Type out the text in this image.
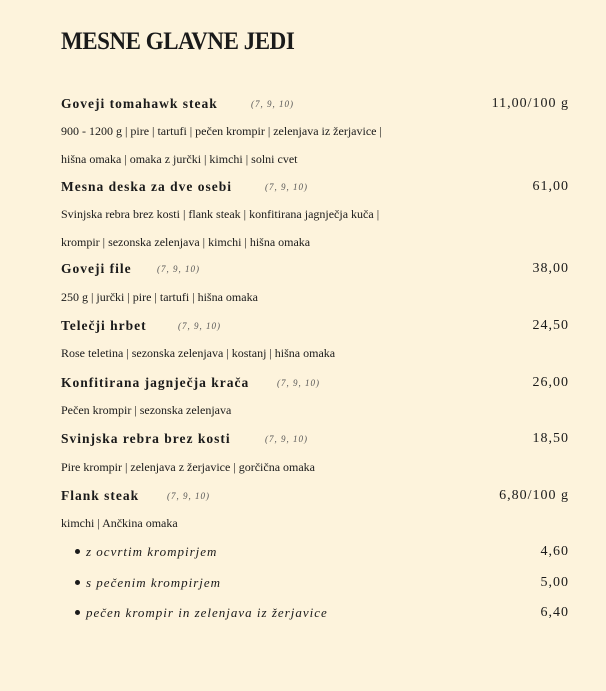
MESNE GLAVNE JEDI
Goveji tomahawk steak	(7, 9, 10)	11,00/100 g
900 - 1200 g | pire | tartufi | pečen krompir | zelenjava iz žerjavice |
hišna omaka | omaka z jurčki | kimchi | solni cvet
Mesna deska za dve osebi	(7, 9, 10)	61,00
Svinjska rebra brez kosti | flank steak | konfitirana jagnječja kuča |
krompir | sezonska zelenjava | kimchi | hišna omaka
Goveji file	(7, 9, 10)	38,00
250 g | jurčki | pire | tartufi | hišna omaka
Telečji hrbet	(7, 9, 10)	24,50
Rose teletina | sezonska zelenjava | kostanj | hišna omaka
Konfitirana jagnječja krača	(7, 9, 10)	26,00
Pečen krompir | sezonska zelenjava
Svinjska rebra brez kosti	(7, 9, 10)	18,50
Pire krompir | zelenjava z žerjavice | gorčična omaka
Flank steak	(7, 9, 10)	6,80/100 g
kimchi | Ančkina omaka
z ocvrtim krompirjem	4,60
s pečenim krompirjem	5,00
pečen krompir in zelenjava iz žerjavice	6,40
